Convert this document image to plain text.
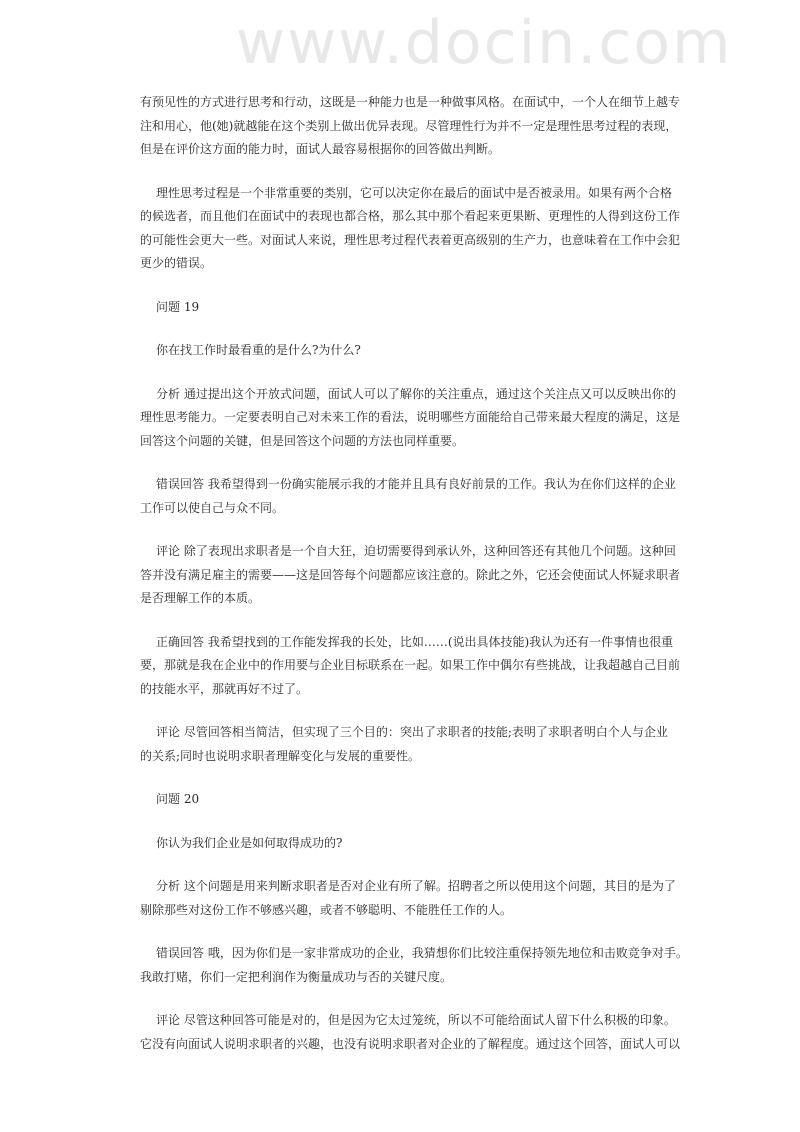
www.docin.com
有预见性的方式进行思考和行动，这既是一种能力也是一种做事风格。在面试中，一个人在细节上越专
注和用心，他(她)就越能在这个类别上做出优异表现。尽管理性行为并不一定是理性思考过程的表现，
但是在评价这方面的能力时，面试人最容易根据你的回答做出判断。
理性思考过程是一个非常重要的类别，它可以决定你在最后的面试中是否被录用。如果有两个合格
的候选者，而且他们在面试中的表现也都合格，那么其中那个看起来更果断、更理性的人得到这份工作
的可能性会更大一些。对面试人来说，理性思考过程代表着更高级别的生产力，也意味着在工作中会犯
更少的错误。
问题 19
你在找工作时最看重的是什么?为什么?
分析 通过提出这个开放式问题，面试人可以了解你的关注重点，通过这个关注点又可以反映出你的
理性思考能力。一定要表明自己对未来工作的看法，说明哪些方面能给自己带来最大程度的满足，这是
回答这个问题的关键，但是回答这个问题的方法也同样重要。
错误回答 我希望得到一份确实能展示我的才能并且具有良好前景的工作。我认为在你们这样的企业
工作可以使自己与众不同。
评论 除了表现出求职者是一个自大狂，迫切需要得到承认外，这种回答还有其他几个问题。这种回
答并没有满足雇主的需要——这是回答每个问题都应该注意的。除此之外，它还会使面试人怀疑求职者
是否理解工作的本质。
正确回答 我希望找到的工作能发挥我的长处，比如……(说出具体技能)我认为还有一件事情也很重
要，那就是我在企业中的作用要与企业目标联系在一起。如果工作中偶尔有些挑战，让我超越自己目前
的技能水平，那就再好不过了。
评论 尽管回答相当简洁，但实现了三个目的：突出了求职者的技能;表明了求职者明白个人与企业
的关系;同时也说明求职者理解变化与发展的重要性。
问题 20
你认为我们企业是如何取得成功的?
分析 这个问题是用来判断求职者是否对企业有所了解。招聘者之所以使用这个问题，其目的是为了
剔除那些对这份工作不够感兴趣，或者不够聪明、不能胜任工作的人。
错误回答 哦，因为你们是一家非常成功的企业，我猜想你们比较注重保持领先地位和击败竞争对手。
我敢打赌，你们一定把利润作为衡量成功与否的关键尺度。
评论 尽管这种回答可能是对的，但是因为它太过笼统，所以不可能给面试人留下什么积极的印象。
它没有向面试人说明求职者的兴趣，也没有说明求职者对企业的了解程度。通过这个回答，面试人可以
